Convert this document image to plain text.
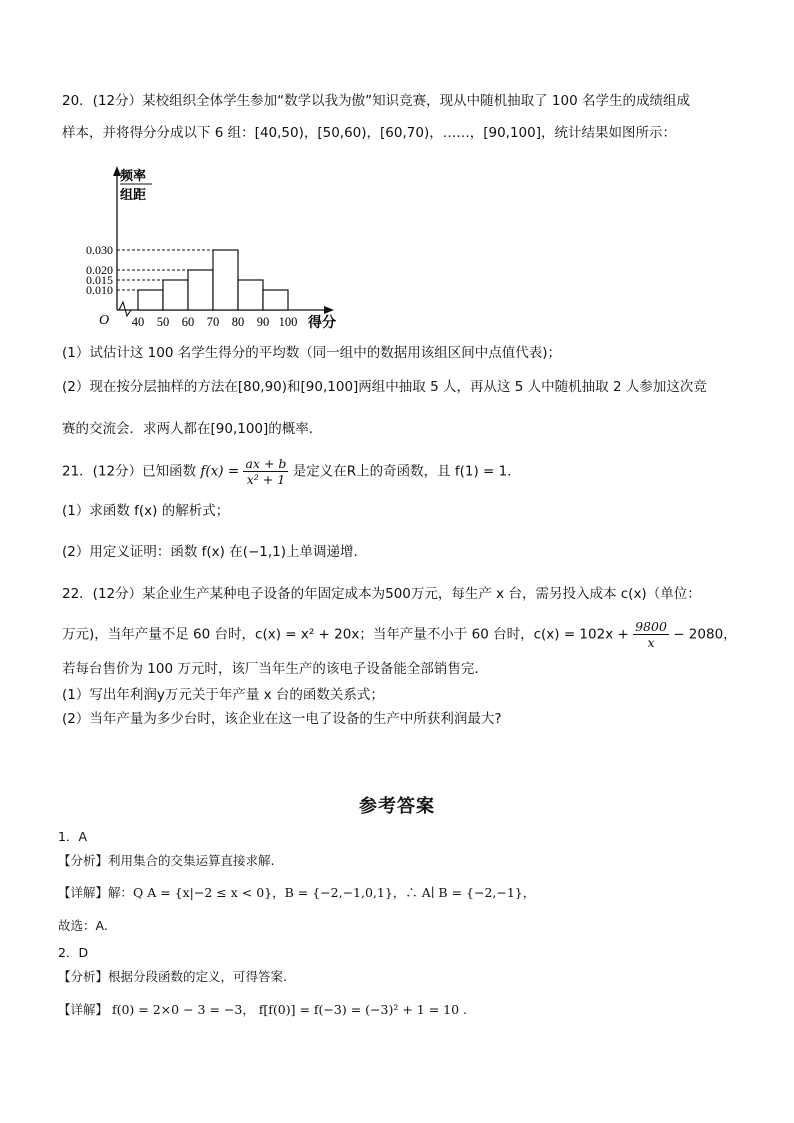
20．(12分）某校组织全体学生参加“数学以我为傲”知识竞赛，现从中随机抽取了 100 名学生的成绩组成
样本，并将得分分成以下 6 组：[40,50)，[50,60)，[60,70)，……，[90,100]，统计结果如图所示：
0.010
0.015
0.020
0.030
40 50 60 70 80 90 100
O	得分
频率
组距
(1）试估计这 100 名学生得分的平均数（同一组中的数据用该组区间中点值代表)；
(2）现在按分层抽样的方法在[80,90)和[90,100]两组中抽取 5 人，再从这 5 人中随机抽取 2 人参加这次竞
赛的交流会．求两人都在[90,100]的概率．
21．(12分）已知函数 $f(x) = \frac{ax + b}{\text{x² + 1}}$ 是定义在R上的奇函数，且 f(1) = 1．
(1）求函数 f(x) 的解析式；
(2）用定义证明：函数 f(x) 在(−1,1)上单调递增．
22．(12分）某企业生产某种电子设备的年固定成本为500万元，每生产 x 台，需另投入成本 c(x)（单位：
万元)，当年产量不足 60 台时，c(x) = x² + 20x；当年产量不小于 60 台时，$c(x) = 102x + \frac{9800}{x} - 2080$，
若每台售价为 100 万元时，该厂当年生产的该电子设备能全部销售完．
(1）写出年利润y万元关于年产量 x 台的函数关系式；
(2）当年产量为多少台时，该企业在这一电了设备的生产中所获利润最大?
参考答案
1．A
【分析】利用集合的交集运算直接求解.
【详解】解：Q A = {x|−2 ≤ x < 0}，B = {−2,−1,0,1}，∴ A∣ B = {−2,−1}，
故选：A.
2．D
【分析】根据分段函数的定义，可得答案.
【详解】 f(0) = 2×0 − 3 = −3， f[f(0)] = f(−3) = (−3)² + 1 = 10 .
